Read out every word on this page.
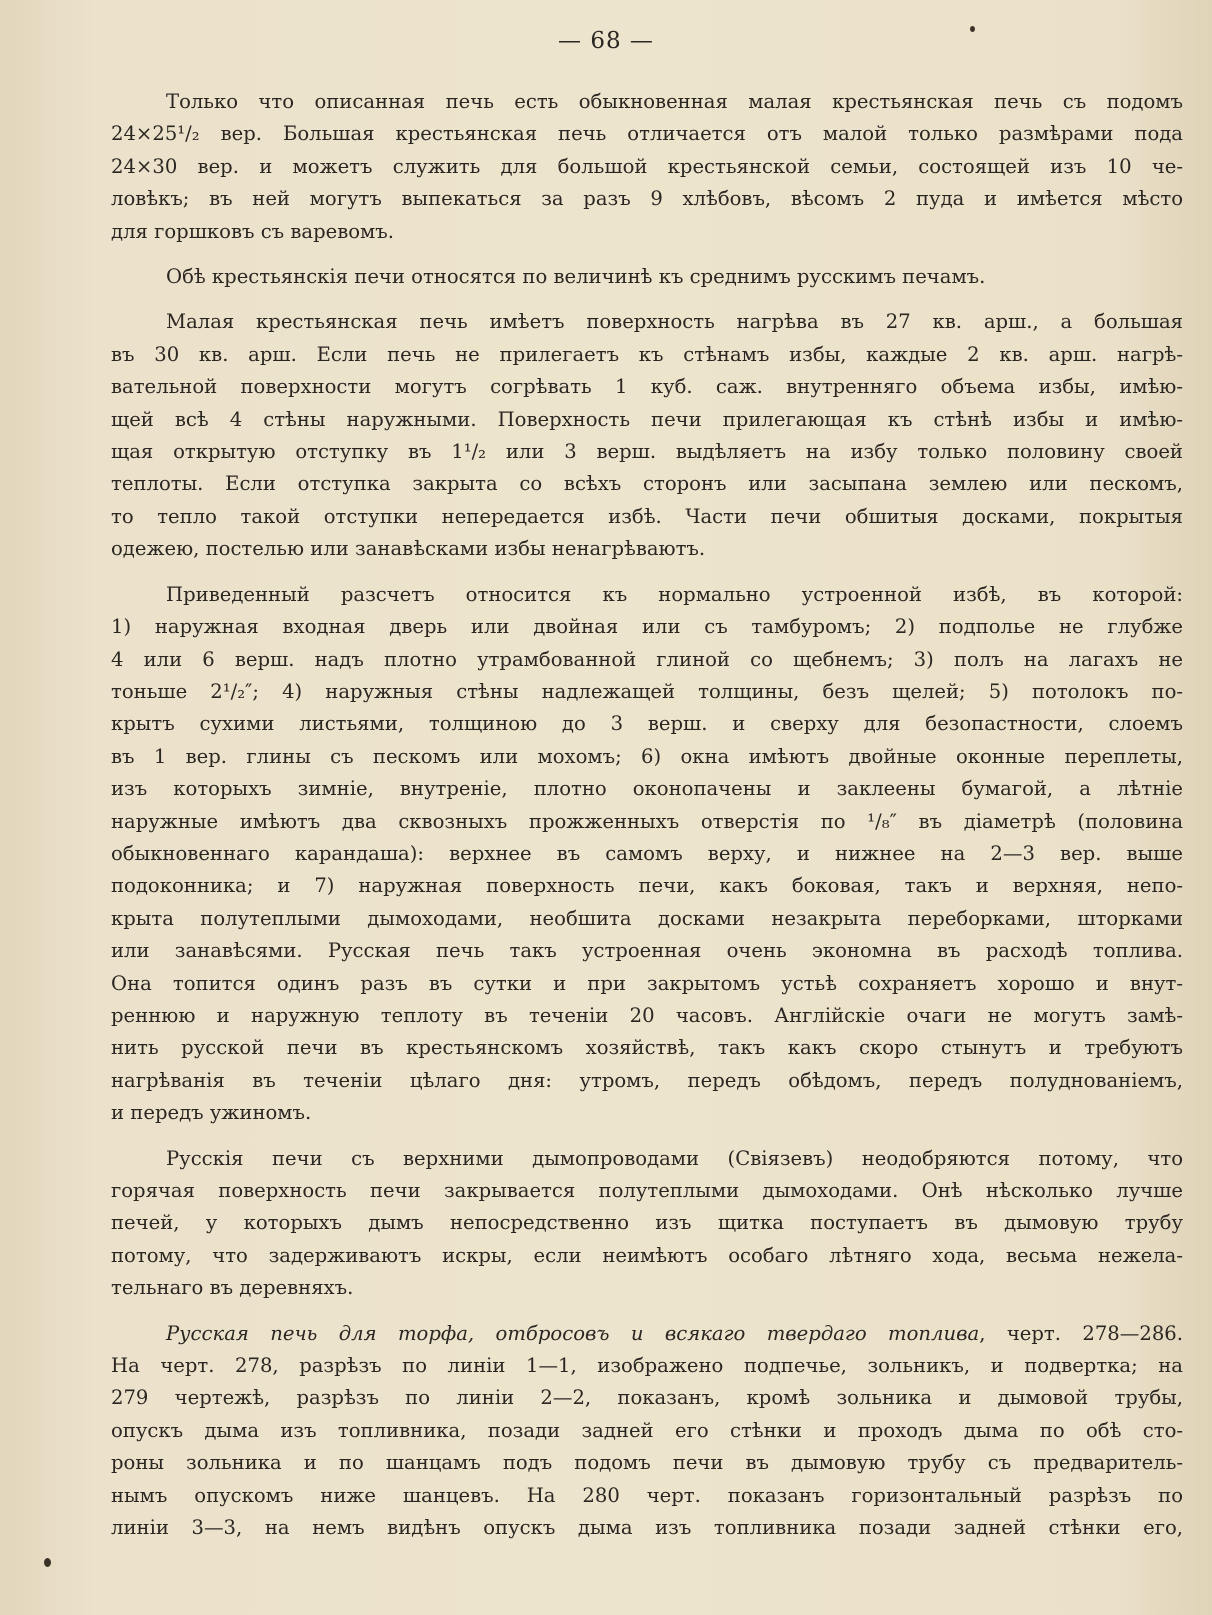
— 68 —
Только что описанная печь есть обыкновенная малая крестьянская печь съ подомъ
24×25¹/₂ вер. Большая крестьянская печь отличается отъ малой только размѣрами пода
24×30 вер. и можетъ служить для большой крестьянской семьи, состоящей изъ 10 че-
ловѣкъ; въ ней могутъ выпекаться за разъ 9 хлѣбовъ, вѣсомъ 2 пуда и имѣется мѣсто
для горшковъ съ варевомъ.
Обѣ крестьянскія печи относятся по величинѣ къ среднимъ русскимъ печамъ.
Малая крестьянская печь имѣетъ поверхность нагрѣва въ 27 кв. арш., а большая
въ 30 кв. арш. Если печь не прилегаетъ къ стѣнамъ избы, каждые 2 кв. арш. нагрѣ-
вательной поверхности могутъ согрѣвать 1 куб. саж. внутренняго объема избы, имѣю-
щей всѣ 4 стѣны наружными. Поверхность печи прилегающая къ стѣнѣ избы и имѣю-
щая открытую отступку въ 1¹/₂ или 3 верш. выдѣляетъ на избу только половину своей
теплоты. Если отступка закрыта со всѣхъ сторонъ или засыпана землею или пескомъ,
то тепло такой отступки непередается избѣ. Части печи обшитыя досками, покрытыя
одежею, постелью или занавѣсками избы ненагрѣваютъ.
Приведенный разсчетъ относится къ нормально устроенной избѣ, въ которой:
1) наружная входная дверь или двойная или съ тамбуромъ; 2) подполье не глубже
4 или 6 верш. надъ плотно утрамбованной глиной со щебнемъ; 3) полъ на лагахъ не
тоньше 2¹/₂″; 4) наружныя стѣны надлежащей толщины, безъ щелей; 5) потолокъ по-
крытъ сухими листьями, толщиною до 3 верш. и сверху для безопастности, слоемъ
въ 1 вер. глины съ пескомъ или мохомъ; 6) окна имѣютъ двойные оконные переплеты,
изъ которыхъ зимніе, внутреніе, плотно оконопачены и заклеены бумагой, а лѣтніе
наружные имѣютъ два сквозныхъ прожженныхъ отверстія по ¹/₈″ въ діаметрѣ (половина
обыкновеннаго карандаша): верхнее въ самомъ верху, и нижнее на 2—3 вер. выше
подоконника; и 7) наружная поверхность печи, какъ боковая, такъ и верхняя, непо-
крыта полутеплыми дымоходами, необшита досками незакрыта переборками, шторками
или занавѣсями. Русская печь такъ устроенная очень экономна въ расходѣ топлива.
Она топится одинъ разъ въ сутки и при закрытомъ устьѣ сохраняетъ хорошо и внут-
реннюю и наружную теплоту въ теченіи 20 часовъ. Англійскіе очаги не могутъ замѣ-
нить русской печи въ крестьянскомъ хозяйствѣ, такъ какъ скоро стынутъ и требуютъ
нагрѣванія въ теченіи цѣлаго дня: утромъ, передъ обѣдомъ, передъ полуднованіемъ,
и передъ ужиномъ.
Русскія печи съ верхними дымопроводами (Свіязевъ) неодобряются потому, что
горячая поверхность печи закрывается полутеплыми дымоходами. Онѣ нѣсколько лучше
печей, у которыхъ дымъ непосредственно изъ щитка поступаетъ въ дымовую трубу
потому, что задерживаютъ искры, если неимѣютъ особаго лѣтняго хода, весьма нежела-
тельнаго въ деревняхъ.
Русская печь для торфа, отбросовъ и всякаго твердаго топлива, черт. 278—286.
На черт. 278, разрѣзъ по линіи 1—1, изображено подпечье, зольникъ, и подвертка; на
279 чертежѣ, разрѣзъ по линіи 2—2, показанъ, кромѣ зольника и дымовой трубы,
опускъ дыма изъ топливника, позади задней его стѣнки и проходъ дыма по обѣ сто-
роны зольника и по шанцамъ подъ подомъ печи въ дымовую трубу съ предваритель-
нымъ опускомъ ниже шанцевъ. На 280 черт. показанъ горизонтальный разрѣзъ по
линіи 3—3, на немъ видѣнъ опускъ дыма изъ топливника позади задней стѣнки его,
